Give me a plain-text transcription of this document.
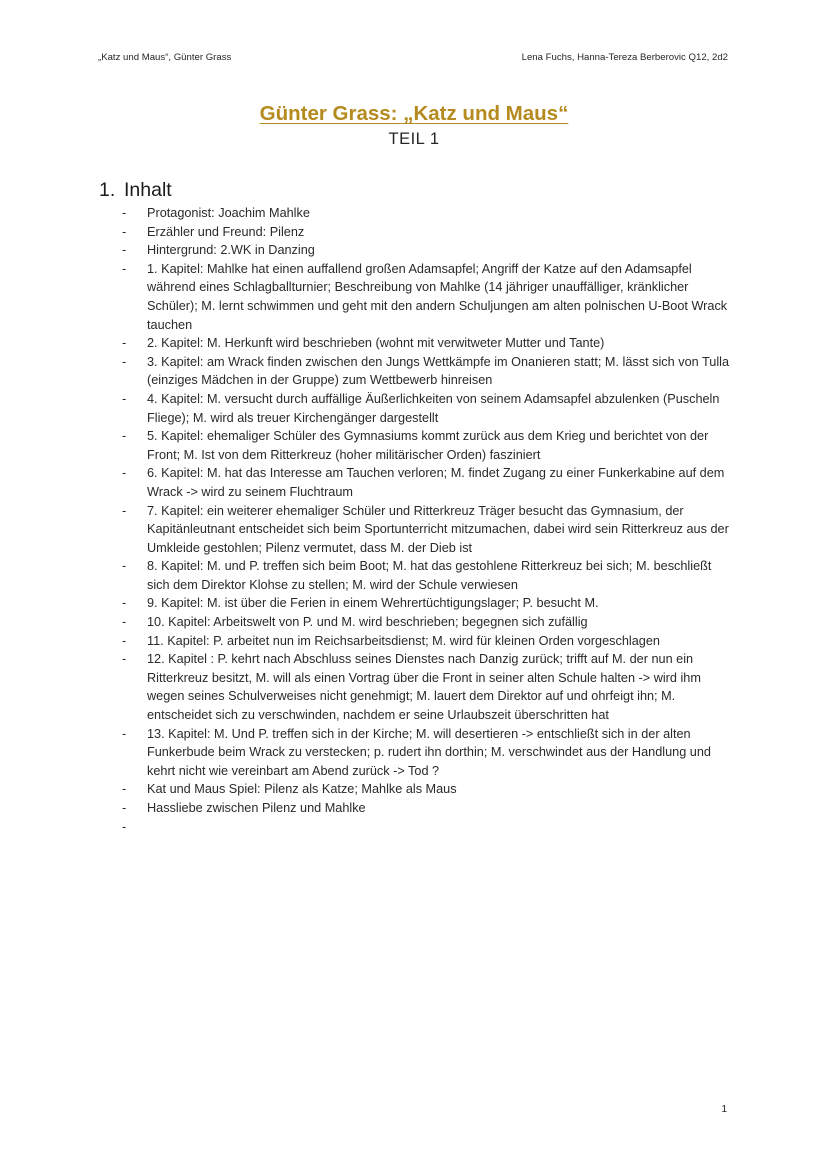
„Katz und Maus“, Günter Grass	Lena Fuchs, Hanna-Tereza Berberovic Q12, 2d2
Günter Grass: „Katz und Maus“
TEIL 1
1. Inhalt
- Protagonist: Joachim Mahlke
- Erzähler und Freund: Pilenz
- Hintergrund: 2.WK in Danzing
- 1. Kapitel: Mahlke hat einen auffallend großen Adamsapfel; Angriff der Katze auf den Adamsapfel während eines Schlagballturnier; Beschreibung von Mahlke (14 jähriger unauffälliger, kränklicher Schüler); M. lernt schwimmen und geht mit den andern Schuljungen am alten polnischen U-Boot Wrack tauchen
- 2. Kapitel: M. Herkunft wird beschrieben (wohnt mit verwitweter Mutter und Tante)
- 3. Kapitel: am Wrack finden zwischen den Jungs Wettkämpfe im Onanieren statt; M. lässt sich von Tulla (einziges Mädchen in der Gruppe) zum Wettbewerb hinreisen
- 4. Kapitel: M. versucht durch auffällige Äußerlichkeiten von seinem Adamsapfel abzulenken (Puscheln Fliege); M. wird als treuer Kirchengänger dargestellt
- 5. Kapitel: ehemaliger Schüler des Gymnasiums kommt zurück aus dem Krieg und berichtet von der Front; M. Ist von dem Ritterkreuz (hoher militärischer Orden) fasziniert
- 6. Kapitel: M. hat das Interesse am Tauchen verloren; M. findet Zugang zu einer Funkerkabine auf dem Wrack -> wird zu seinem Fluchtraum
- 7. Kapitel: ein weiterer ehemaliger Schüler und Ritterkreuz Träger besucht das Gymnasium, der Kapitänleutnant entscheidet sich beim Sportunterricht mitzumachen, dabei wird sein Ritterkreuz aus der Umkleide gestohlen; Pilenz vermutet, dass M. der Dieb ist
- 8. Kapitel: M. und P. treffen sich beim Boot; M. hat das gestohlene Ritterkreuz bei sich; M. beschließt sich dem Direktor Klohse zu stellen; M. wird der Schule verwiesen
- 9. Kapitel: M. ist über die Ferien in einem Wehrertüchtigungslager; P. besucht M.
- 10. Kapitel: Arbeitswelt von P. und M. wird beschrieben; begegnen sich zufällig
- 11. Kapitel: P. arbeitet nun im Reichsarbeitsdienst; M. wird für kleinen Orden vorgeschlagen
- 12. Kapitel : P. kehrt nach Abschluss seines Dienstes nach Danzig zurück; trifft auf M. der nun ein Ritterkreuz besitzt, M. will als einen Vortrag über die Front in seiner alten Schule halten -> wird ihm wegen seines Schulverweises nicht genehmigt; M. lauert dem Direktor auf und ohrfeigt ihn; M. entscheidet sich zu verschwinden, nachdem er seine Urlaubszeit überschritten hat
- 13. Kapitel: M. Und P. treffen sich in der Kirche; M. will desertieren -> entschließt sich in der alten Funkerbude beim Wrack zu verstecken; p. rudert ihn dorthin; M. verschwindet aus der Handlung und kehrt nicht wie vereinbart am Abend zurück -> Tod ?
- Kat und Maus Spiel: Pilenz als Katze; Mahlke als Maus
- Hassliebe zwischen Pilenz und Mahlke
-
1
